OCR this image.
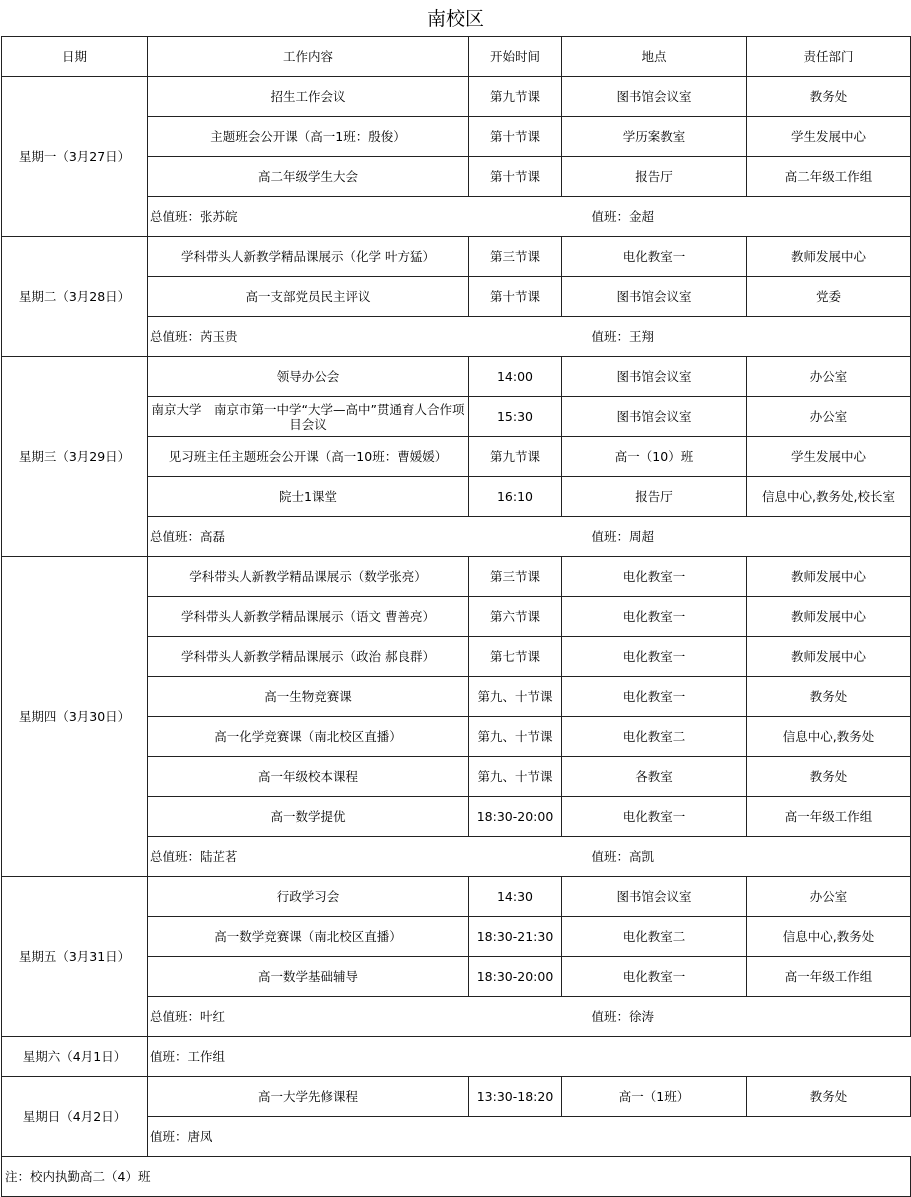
南校区
日期	工作内容	开始时间	地点	责任部门
星期一（3月27日）	招生工作会议	第九节课	图书馆会议室	教务处
	主题班会公开课（高一1班：殷俊）	第十节课	学历案教室	学生发展中心
	高二年级学生大会	第十节课	报告厅	高二年级工作组
	总值班：张苏皖		值班：金超	
星期二（3月28日）	学科带头人新教学精品课展示（化学 叶方猛）	第三节课	电化教室一	教师发展中心
	高一支部党员民主评议	第十节课	图书馆会议室	党委
	总值班：芮玉贵		值班：王翔	
星期三（3月29日）	领导办公会	14:00	图书馆会议室	办公室
	南京大学　南京市第一中学“大学—高中”贯通育人合作项目会议	15:30	图书馆会议室	办公室
	见习班主任主题班会公开课（高一10班：曹媛媛）	第九节课	高一（10）班	学生发展中心
	院士1课堂	16:10	报告厅	信息中心,教务处,校长室
	总值班：高磊		值班：周超	
星期四（3月30日）	学科带头人新教学精品课展示（数学张亮）	第三节课	电化教室一	教师发展中心
	学科带头人新教学精品课展示（语文 曹善亮）	第六节课	电化教室一	教师发展中心
	学科带头人新教学精品课展示（政治 郝良群）	第七节课	电化教室一	教师发展中心
	高一生物竞赛课	第九、十节课	电化教室一	教务处
	高一化学竞赛课（南北校区直播）	第九、十节课	电化教室二	信息中心,教务处
	高一年级校本课程	第九、十节课	各教室	教务处
	高一数学提优	18:30-20:00	电化教室一	高一年级工作组
	总值班：陆芷茗		值班：高凯	
星期五（3月31日）	行政学习会	14:30	图书馆会议室	办公室
	高一数学竞赛课（南北校区直播）	18:30-21:30	电化教室二	信息中心,教务处
	高一数学基础辅导	18:30-20:00	电化教室一	高一年级工作组
	总值班：叶红		值班：徐涛	
星期六（4月1日）	值班：工作组			
星期日（4月2日）	高一大学先修课程	13:30-18:20	高一（1班）	教务处
	值班：唐凤			
注：校内执勤高二（4）班				
